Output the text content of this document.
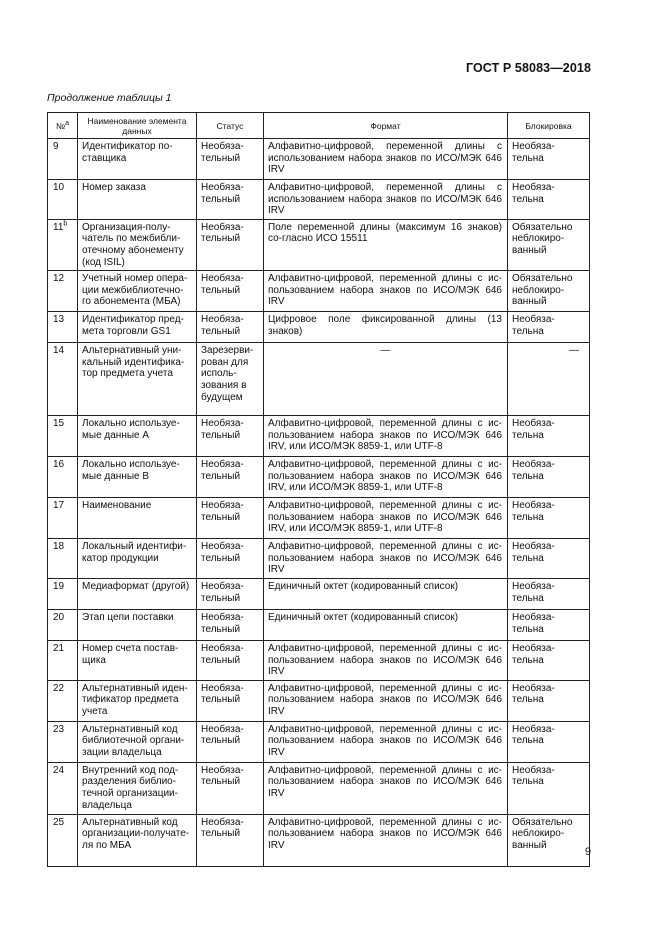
ГОСТ Р 58083—2018
Продолжение таблицы 1
№$^а$	Наименование элемента данных	Статус	Формат	Блокировка
9	Идентификатор по-ставщика	Необяза-тельный	Алфавитно-цифровой, переменной длины с использованием набора знаков по ИСО/МЭК 646 IRV	Необяза-тельна
10	Номер заказа	Необяза-тельный	Алфавитно-цифровой, переменной длины с использованием набора знаков по ИСО/МЭК 646 IRV	Необяза-тельна
11$^b$	Организация-полу-чатель по межбибли-отечному абонементу (код ISIL)	Необяза-тельный	Поле переменной длины (максимум 16 знаков) со-гласно ИСО 15511	Обязательно неблокиро-ванный
12	Учетный номер опера-ции межбиблиотечно-го абонемента (МБА)	Необяза-тельный	Алфавитно-цифровой, переменной длины с ис-пользованием набора знаков по ИСО/МЭК 646 IRV	Обязательно неблокиро-ванный
13	Идентификатор пред-мета торговли GS1	Необяза-тельный	Цифровое поле фиксированной длины (13 знаков)	Необяза-тельна
14	Альтернативный уни-кальный идентифика-тор предмета учета	Зарезерви-рован для исполь-зования в будущем	—	—
15	Локально используе-мые данные А	Необяза-тельный	Алфавитно-цифровой, переменной длины с ис-пользованием набора знаков по ИСО/МЭК 646 IRV, или ИСО/МЭК 8859-1, или UTF-8	Необяза-тельна
16	Локально используе-мые данные В	Необяза-тельный	Алфавитно-цифровой, переменной длины с ис-пользованием набора знаков по ИСО/МЭК 646 IRV, или ИСО/МЭК 8859-1, или UTF-8	Необяза-тельна
17	Наименование	Необяза-тельный	Алфавитно-цифровой, переменной длины с ис-пользованием набора знаков по ИСО/МЭК 646 IRV, или ИСО/МЭК 8859-1, или UTF-8	Необяза-тельна
18	Локальный идентифи-катор продукции	Необяза-тельный	Алфавитно-цифровой, переменной длины с ис-пользованием набора знаков по ИСО/МЭК 646 IRV	Необяза-тельна
19	Медиаформат (другой)	Необяза-тельный	Единичный октет (кодированный список)	Необяза-тельна
20	Этап цепи поставки	Необяза-тельный	Единичный октет (кодированный список)	Необяза-тельна
21	Номер счета постав-щика	Необяза-тельный	Алфавитно-цифровой, переменной длины с ис-пользованием набора знаков по ИСО/МЭК 646 IRV	Необяза-тельна
22	Альтернативный иден-тификатор предмета учета	Необяза-тельный	Алфавитно-цифровой, переменной длины с ис-пользованием набора знаков по ИСО/МЭК 646 IRV	Необяза-тельна
23	Альтернативный код библиотечной органи-зации владельца	Необяза-тельный	Алфавитно-цифровой, переменной длины с ис-пользованием набора знаков по ИСО/МЭК 646 IRV	Необяза-тельна
24	Внутренний код под-разделения библио-течной организации-владельца	Необяза-тельный	Алфавитно-цифровой, переменной длины с ис-пользованием набора знаков по ИСО/МЭК 646 IRV	Необяза-тельна
25	Альтернативный код организации-получате-ля по МБА	Необяза-тельный	Алфавитно-цифровой, переменной длины с ис-пользованием набора знаков по ИСО/МЭК 646 IRV	Обязательно неблокиро-ванный
9
